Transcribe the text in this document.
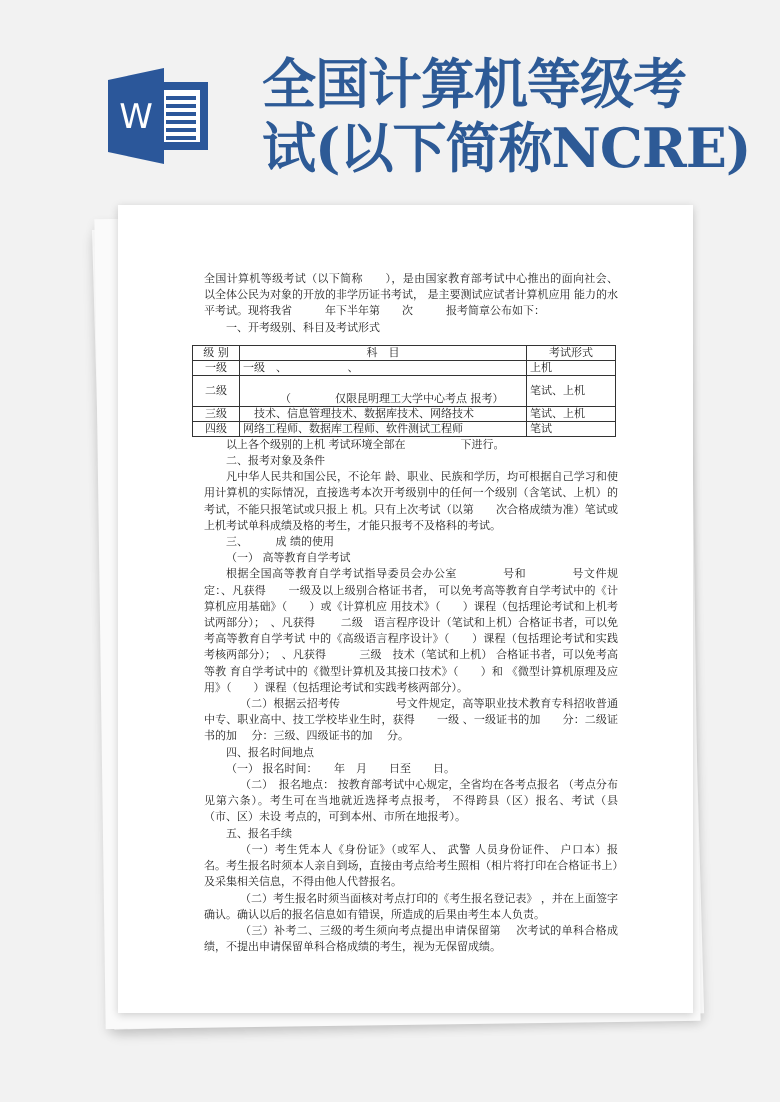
W
全国计算机等级考
试(以下简称NCRE)

全国计算机等级考试（以下简称　　），是由国家教育部考试中心推出的面向社会、 以全体公民为对象的开放的非学历证书考试， 是主要测试应试者计算机应用 能力的水平考试。现将我省　　　年下半年第　　次　　　报考简章公布如下：

一、开考级别、科目及考试形式

级 别	科　目	考试形式
一级	一级　、　　　　　　、	上机
二级	（　　　　仅限昆明理工大学中心考点 报考）	笔试、上机
三级	技术、信息管理技术、数据库技术、网络技术	笔试、上机
四级	网络工程师、数据库工程师、软件测试工程师	笔试

以上各个级别的上机 考试环境全部在　　　　　下进行。

二、报考对象及条件

凡中华人民共和国公民，不论年 龄、职业、民族和学历，均可根据自己学习和使用计算机的实际情况，直接选考本次开考级别中的任何一个级别（含笔试、上机）的考试，不能只报笔试或只报上 机。只有上次考试（以第　　次合格成绩为准）笔试或上机考试单科成绩及格的考生，才能只报考不及格科的考试。

三、　　　成 绩的使用

（一） 高等教育自学考试

根据全国高等教育自学考试指导委员会办公室　　　　号和　　　　号文件规定：、凡获得　　一级及以上级别合格证书者， 可以免考高等教育自学考试中的《计算机应用基础》（　　）或《计算机应 用技术》（　　）课程（包括理论考试和上机考试两部分）；　、凡获得　　 二级　语言程序设计（笔试和上机）合格证书者，可以免考高等教育自学考试 中的《高级语言程序设计》（　　）课程（包括理论考试和实践考核两部分）；　、凡获得　　　三级　技术（笔试和上机） 合格证书者，可以免考高等教 育自学考试中的《微型计算机及其接口技术》（　　）和 《微型计算机原理及应用》（　　）课程（包括理论考试和实践考核两部分）。

（二）根据云招考传　　　　　号文件规定，高等职业技术教育专科招收普通中专、职业高中、技工学校毕业生时，获得　　一级 、一级证书的加　　分：二级证书的加　 分：三级、四级证书的加　 分。

四、报名时间地点

（一） 报名时间：　　年　月　　日至　　日。

（二）　报名地点： 按教育部考试中心规定，全省均在各考点报名 （考点分布见第六条）。考生可在当地就近选择考点报考， 不得跨县（区）报名、考试（县（市、区）未设 考点的，可到本州、市所在地报考）。

五、报名手续

（一）考生凭本人《身份证》（或军人、 武警 人员身份证件、 户口本）报名。考生报名时须本人亲自到场，直接由考点给考生照相（相片将打印在合格证书上）及采集相关信息，不得由他人代替报名。

（二）考生报名时须当面核对考点打印的《考生报名登记表》 ，并在上面签字确认。确认以后的报名信息如有错误，所造成的后果由考生本人负责。

（三）补考二、三级的考生须向考点提出申请保留第　 次考试的单科合格成绩，不提出申请保留单科合格成绩的考生，视为无保留成绩。
